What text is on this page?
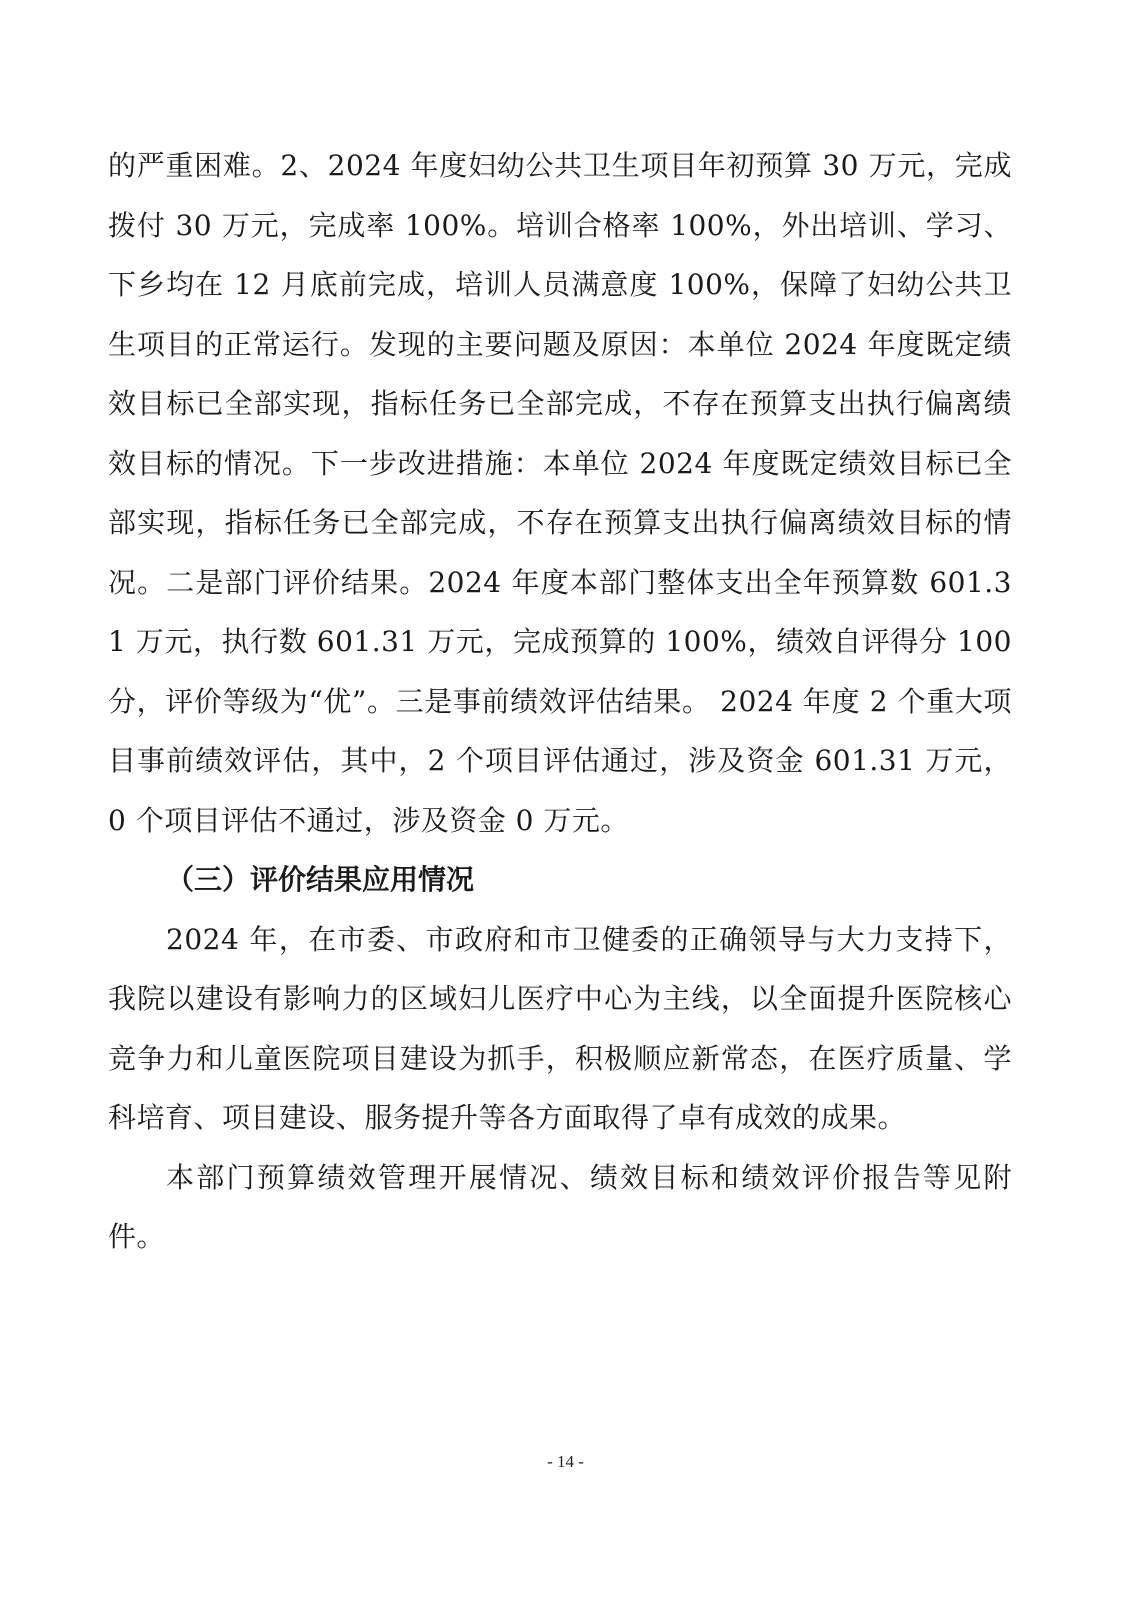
的严重困难。2、2024 年度妇幼公共卫生项目年初预算 30 万元，完成拨付 30 万元，完成率 100%。培训合格率 100%，外出培训、学习、下乡均在 12 月底前完成，培训人员满意度 100%，保障了妇幼公共卫生项目的正常运行。发现的主要问题及原因：本单位 2024 年度既定绩效目标已全部实现，指标任务已全部完成，不存在预算支出执行偏离绩效目标的情况。下一步改进措施：本单位 2024 年度既定绩效目标已全部实现，指标任务已全部完成，不存在预算支出执行偏离绩效目标的情况。二是部门评价结果。2024 年度本部门整体支出全年预算数 601.31 万元，执行数 601.31 万元，完成预算的 100%，绩效自评得分 100 分，评价等级为“优”。三是事前绩效评估结果。 2024 年度 2 个重大项目事前绩效评估，其中，2 个项目评估通过，涉及资金 601.31 万元，0 个项目评估不通过，涉及资金 0 万元。

（三）评价结果应用情况

2024 年，在市委、市政府和市卫健委的正确领导与大力支持下，我院以建设有影响力的区域妇儿医疗中心为主线，以全面提升医院核心竞争力和儿童医院项目建设为抓手，积极顺应新常态，在医疗质量、学科培育、项目建设、服务提升等各方面取得了卓有成效的成果。

本部门预算绩效管理开展情况、绩效目标和绩效评价报告等见附件。

- 14 -
